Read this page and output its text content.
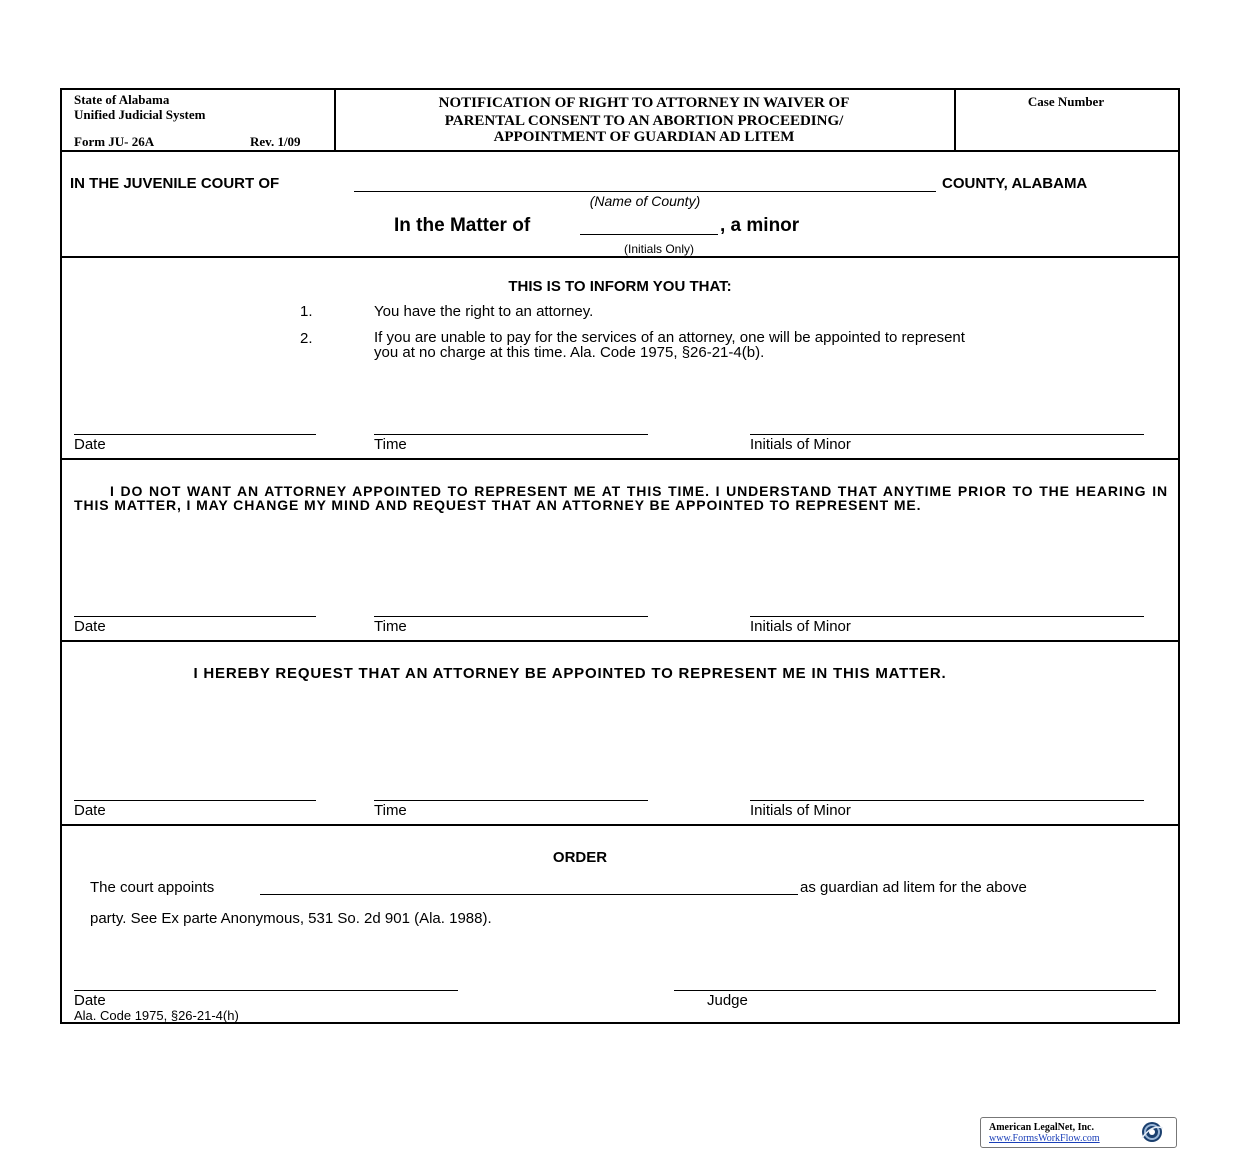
State of Alabama
Unified Judicial System
Form JU- 26A	Rev. 1/09
NOTIFICATION OF RIGHT TO ATTORNEY IN WAIVER OF
PARENTAL CONSENT TO AN ABORTION PROCEEDING/
APPOINTMENT OF GUARDIAN AD LITEM
Case Number
IN THE JUVENILE COURT OF	COUNTY, ALABAMA
(Name of County)
In the Matter of	, a minor
(Initials Only)
THIS IS TO INFORM YOU THAT:
1.	You have the right to an attorney.
2.	If you are unable to pay for the services of an attorney, one will be appointed to represent
you at no charge at this time. Ala. Code 1975, §26-21-4(b).
Date	Time	Initials of Minor
I DO NOT WANT AN ATTORNEY APPOINTED TO REPRESENT ME AT THIS TIME. I UNDERSTAND THAT ANYTIME PRIOR TO THE HEARING IN THIS MATTER, I MAY CHANGE MY MIND AND REQUEST THAT AN ATTORNEY BE APPOINTED TO REPRESENT ME.
Date	Time	Initials of Minor
I HEREBY REQUEST THAT AN ATTORNEY BE APPOINTED TO REPRESENT ME IN THIS MATTER.
Date	Time	Initials of Minor
ORDER
The court appoints	as guardian ad litem for the above
party. See Ex parte Anonymous, 531 So. 2d 901 (Ala. 1988).
Date	Judge
Ala. Code 1975, §26-21-4(h)
American LegalNet, Inc.
www.FormsWorkFlow.com
